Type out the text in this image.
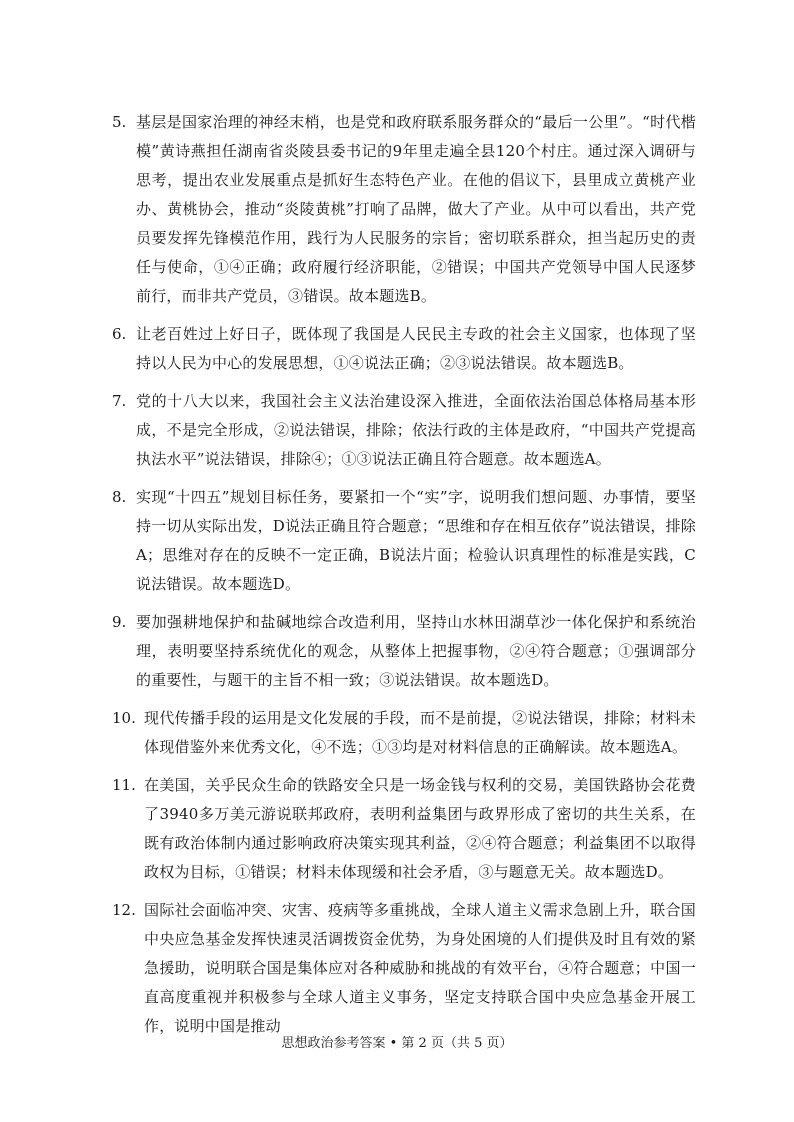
5. 基层是国家治理的神经末梢，也是党和政府联系服务群众的“最后一公里”。“时代楷模”黄诗燕担任湖南省炎陵县委书记的9年里走遍全县120个村庄。通过深入调研与思考，提出农业发展重点是抓好生态特色产业。在他的倡议下，县里成立黄桃产业办、黄桃协会，推动“炎陵黄桃”打响了品牌，做大了产业。从中可以看出，共产党员要发挥先锋模范作用，践行为人民服务的宗旨；密切联系群众，担当起历史的责任与使命，①④正确；政府履行经济职能，②错误；中国共产党领导中国人民逐梦前行，而非共产党员，③错误。故本题选B。
6. 让老百姓过上好日子，既体现了我国是人民民主专政的社会主义国家，也体现了坚持以人民为中心的发展思想，①④说法正确；②③说法错误。故本题选B。
7. 党的十八大以来，我国社会主义法治建设深入推进，全面依法治国总体格局基本形成，不是完全形成，②说法错误，排除；依法行政的主体是政府，“中国共产党提高执法水平”说法错误，排除④；①③说法正确且符合题意。故本题选A。
8. 实现“十四五”规划目标任务，要紧扣一个“实”字，说明我们想问题、办事情，要坚持一切从实际出发，D说法正确且符合题意；“思维和存在相互依存”说法错误，排除A；思维对存在的反映不一定正确，B说法片面；检验认识真理性的标准是实践，C说法错误。故本题选D。
9. 要加强耕地保护和盐碱地综合改造利用，坚持山水林田湖草沙一体化保护和系统治理，表明要坚持系统优化的观念，从整体上把握事物，②④符合题意；①强调部分的重要性，与题干的主旨不相一致；③说法错误。故本题选D。
10. 现代传播手段的运用是文化发展的手段，而不是前提，②说法错误，排除；材料未体现借鉴外来优秀文化，④不选；①③均是对材料信息的正确解读。故本题选A。
11. 在美国，关乎民众生命的铁路安全只是一场金钱与权利的交易，美国铁路协会花费了3940多万美元游说联邦政府，表明利益集团与政界形成了密切的共生关系，在既有政治体制内通过影响政府决策实现其利益，②④符合题意；利益集团不以取得政权为目标，①错误；材料未体现缓和社会矛盾，③与题意无关。故本题选D。
12. 国际社会面临冲突、灾害、疫病等多重挑战，全球人道主义需求急剧上升，联合国中央应急基金发挥快速灵活调拨资金优势，为身处困境的人们提供及时且有效的紧急援助，说明联合国是集体应对各种威胁和挑战的有效平台，④符合题意；中国一直高度重视并积极参与全球人道主义事务，坚定支持联合国中央应急基金开展工作，说明中国是推动
思想政治参考答案 • 第 2 页（共 5 页）
